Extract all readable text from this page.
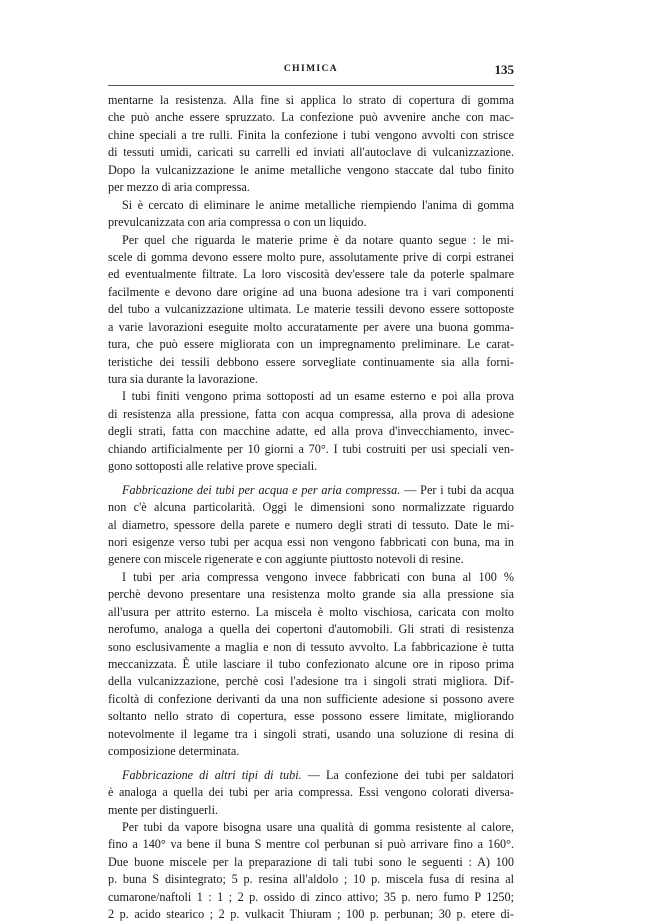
CHIMICA	135
mentarne la resistenza. Alla fine si applica lo strato di copertura di gomma
che può anche essere spruzzato. La confezione può avvenire anche con mac-
chine speciali a tre rulli. Finita la confezione i tubi vengono avvolti con strisce
di tessuti umidi, caricati su carrelli ed inviati all'autoclave di vulcanizzazione.
Dopo la vulcanizzazione le anime metalliche vengono staccate dal tubo finito
per mezzo di aria compressa.
Si è cercato di eliminare le anime metalliche riempiendo l'anima di gomma
prevulcanizzata con aria compressa o con un liquido.
Per quel che riguarda le materie prime è da notare quanto segue : le mi-
scele di gomma devono essere molto pure, assolutamente prive di corpi estranei
ed eventualmente filtrate. La loro viscosità dev'essere tale da poterle spalmare
facilmente e devono dare origine ad una buona adesione tra i vari componenti
del tubo a vulcanizzazione ultimata. Le materie tessili devono essere sottoposte
a varie lavorazioni eseguite molto accuratamente per avere una buona gomma-
tura, che può essere migliorata con un impregnamento preliminare. Le carat-
teristiche dei tessili debbono essere sorvegliate continuamente sia alla forni-
tura sia durante la lavorazione.
I tubi finiti vengono prima sottoposti ad un esame esterno e poi alla prova
di resistenza alla pressione, fatta con acqua compressa, alla prova di adesione
degli strati, fatta con macchine adatte, ed alla prova d'invecchiamento, invec-
chiando artificialmente per 10 giorni a 70°. I tubi costruiti per usi speciali ven-
gono sottoposti alle relative prove speciali.
Fabbricazione dei tubi per acqua e per aria compressa. — Per i tubi da acqua
non c'è alcuna particolarità. Oggi le dimensioni sono normalizzate riguardo
al diametro, spessore della parete e numero degli strati di tessuto. Date le mi-
nori esigenze verso tubi per acqua essi non vengono fabbricati con buna, ma in
genere con miscele rigenerate e con aggiunte piuttosto notevoli di resine.
I tubi per aria compressa vengono invece fabbricati con buna al 100 %
perchè devono presentare una resistenza molto grande sia alla pressione sia
all'usura per attrito esterno. La miscela è molto vischiosa, caricata con molto
nerofumo, analoga a quella dei copertoni d'automobili. Gli strati di resistenza
sono esclusivamente a maglia e non di tessuto avvolto. La fabbricazione è tutta
meccanizzata. È utile lasciare il tubo confezionato alcune ore in riposo prima
della vulcanizzazione, perchè così l'adesione tra i singoli strati migliora. Dif-
ficoltà di confezione derivanti da una non sufficiente adesione si possono avere
soltanto nello strato di copertura, esse possono essere limitate, migliorando
notevolmente il legame tra i singoli strati, usando una soluzione di resina di
composizione determinata.
Fabbricazione di altri tipi di tubi. — La confezione dei tubi per saldatori
è analoga a quella dei tubi per aria compressa. Essi vengono colorati diversa-
mente per distinguerli.
Per tubi da vapore bisogna usare una qualità di gomma resistente al calore,
fino a 140° va bene il buna S mentre col perbunan si può arrivare fino a 160°.
Due buone miscele per la preparazione di tali tubi sono le seguenti : A) 100
p. buna S disintegrato; 5 p. resina all'aldolo ; 10 p. miscela fusa di resina al
cumarone/naftoli 1 : 1 ; 2 p. ossido di zinco attivo; 35 p. nero fumo P 1250;
2 p. acido stearico ; 2 p. vulkacit Thiuram ; 100 p. perbunan; 30 p. etere di-
